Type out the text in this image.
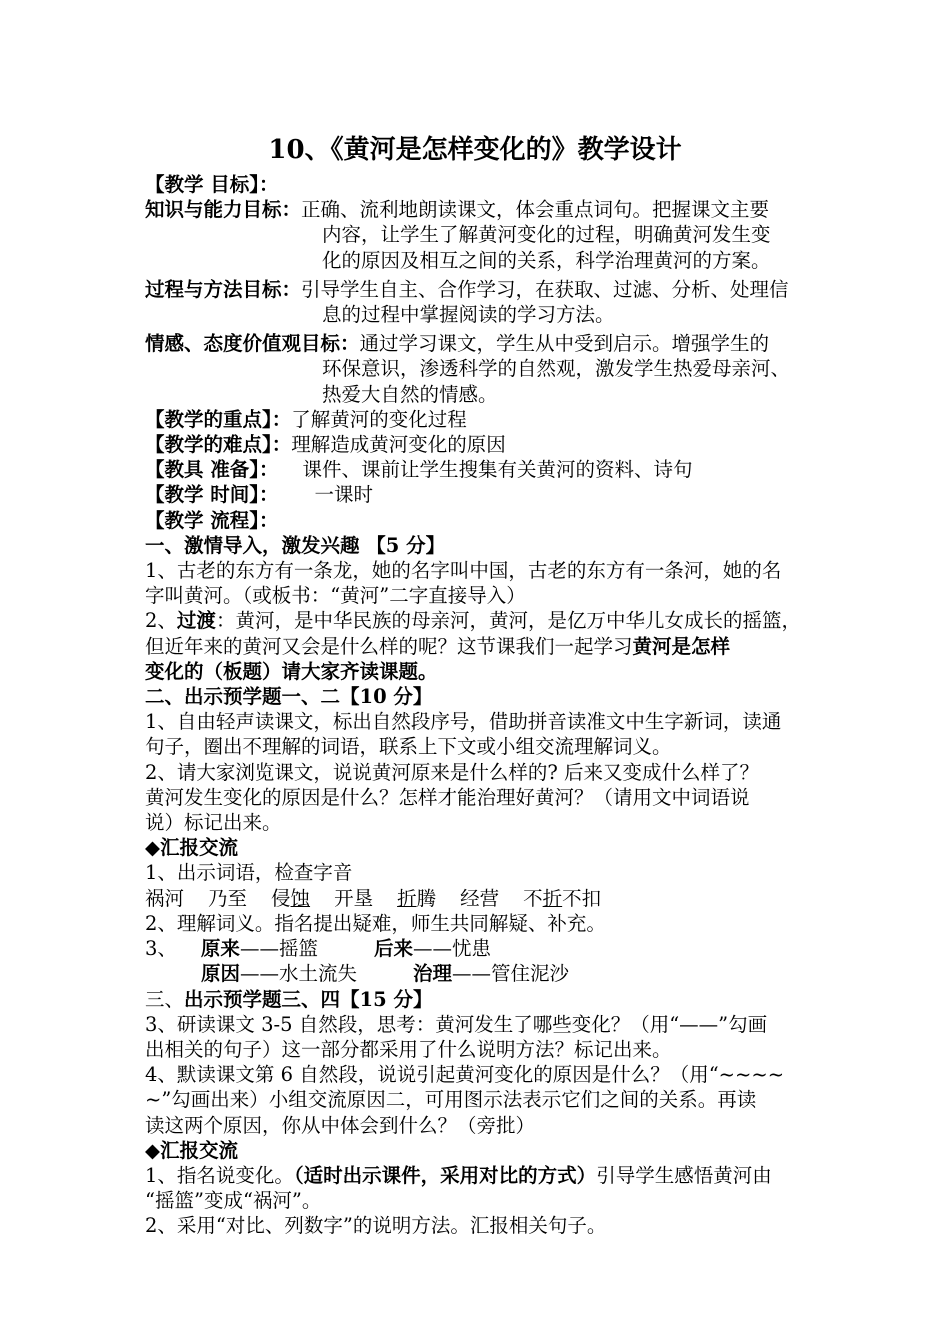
10、《黄河是怎样变化的》教学设计
【教学 目标】：
知识与能力目标：正确、流利地朗读课文，体会重点词句。把握课文主要
内容，让学生了解黄河变化的过程，明确黄河发生变
化的原因及相互之间的关系，科学治理黄河的方案。
过程与方法目标：引导学生自主、合作学习，在获取、过滤、分析、处理信
息的过程中掌握阅读的学习方法。
情感、态度价值观目标：通过学习课文，学生从中受到启示。增强学生的
环保意识，渗透科学的自然观，激发学生热爱母亲河、
热爱大自然的情感。
【教学的重点】：了解黄河的变化过程
【教学的难点】：理解造成黄河变化的原因
【教具 准备】： 课件、课前让学生搜集有关黄河的资料、诗句
【教学 时间】： 一课时
【教学 流程】：
一、激情导入，激发兴趣 【5 分】
1、古老的东方有一条龙，她的名字叫中国，古老的东方有一条河，她的名
字叫黄河。（或板书：“黄河”二字直接导入）
2、过渡：黄河，是中华民族的母亲河，黄河，是亿万中华儿女成长的摇篮，
但近年来的黄河又会是什么样的呢？这节课我们一起学习黄河是怎样
变化的（板题）请大家齐读课题。
二、出示预学题一、二【10 分】
1、自由轻声读课文，标出自然段序号，借助拼音读准文中生字新词，读通
句子，圈出不理解的词语，联系上下文或小组交流理解词义。
2、请大家浏览课文，说说黄河原来是什么样的? 后来又变成什么样了？
黄河发生变化的原因是什么？怎样才能治理好黄河？（请用文中词语说
说）标记出来。
◆汇报交流
1、出示词语，检查字音
祸河 乃至 侵蚀 开垦 折腾 经营 不折不扣
2、理解词义。指名提出疑难，师生共同解疑、补充。
3、 原来——摇篮	后来——忧患
原因——水土流失	治理——管住泥沙
三、出示预学题三、四【15 分】
3、研读课文 3-5 自然段，思考：黄河发生了哪些变化？（用“——”勾画
出相关的句子）这一部分都采用了什么说明方法？标记出来。
4、默读课文第 6 自然段，说说引起黄河变化的原因是什么？（用“~~~~
~”勾画出来）小组交流原因二，可用图示法表示它们之间的关系。再读
读这两个原因，你从中体会到什么？（旁批）
◆汇报交流
1、指名说变化。（适时出示课件，采用对比的方式）引导学生感悟黄河由
“摇篮”变成“祸河”。
2、采用“对比、列数字”的说明方法。汇报相关句子。
